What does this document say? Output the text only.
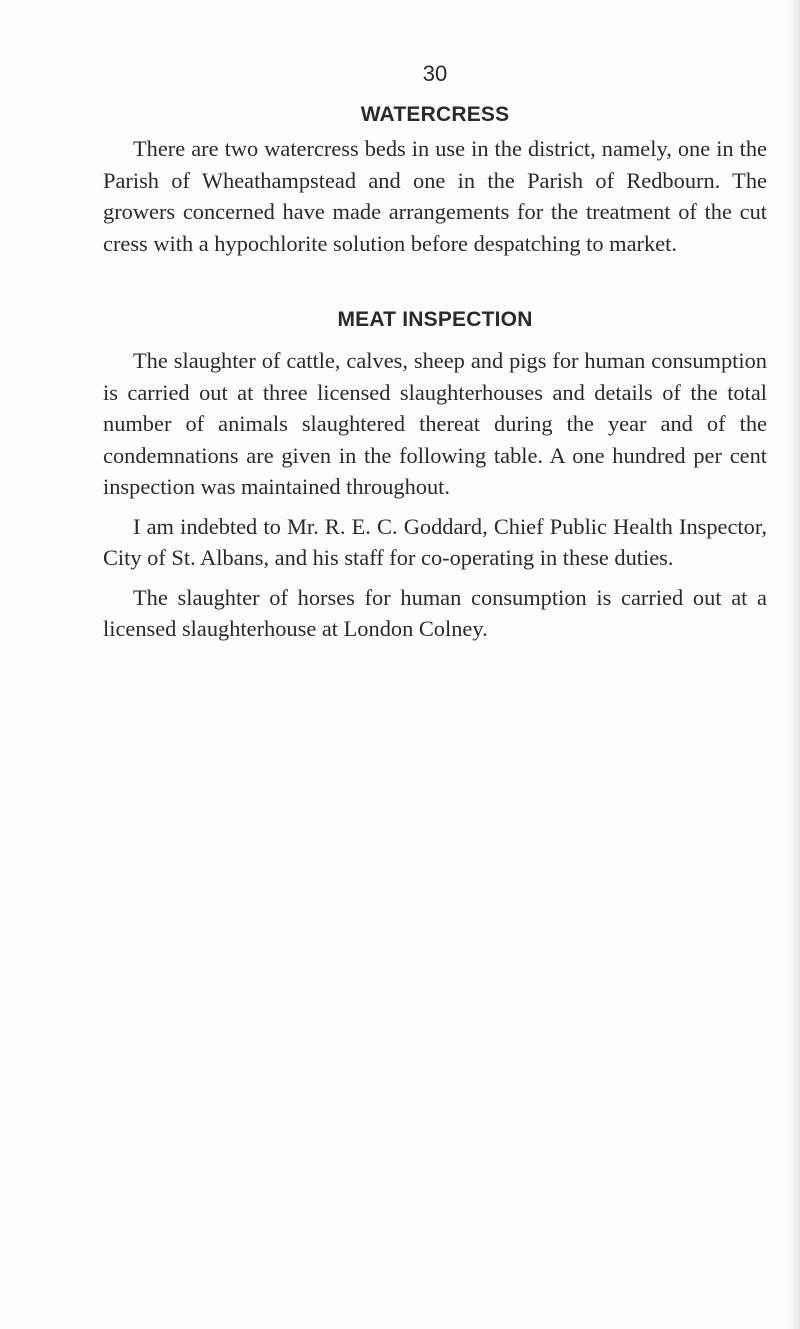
30
WATERCRESS

There are two watercress beds in use in the district, namely, one in the Parish of Wheathampstead and one in the Parish of Redbourn. The growers concerned have made arrangements for the treatment of the cut cress with a hypochlorite solution before despatching to market.

MEAT INSPECTION

The slaughter of cattle, calves, sheep and pigs for human consumption is carried out at three licensed slaughterhouses and details of the total number of animals slaughtered thereat during the year and of the condemnations are given in the following table. A one hundred per cent inspection was maintained throughout.

I am indebted to Mr. R. E. C. Goddard, Chief Public Health Inspector, City of St. Albans, and his staff for co-operating in these duties.

The slaughter of horses for human consumption is carried out at a licensed slaughterhouse at London Colney.
